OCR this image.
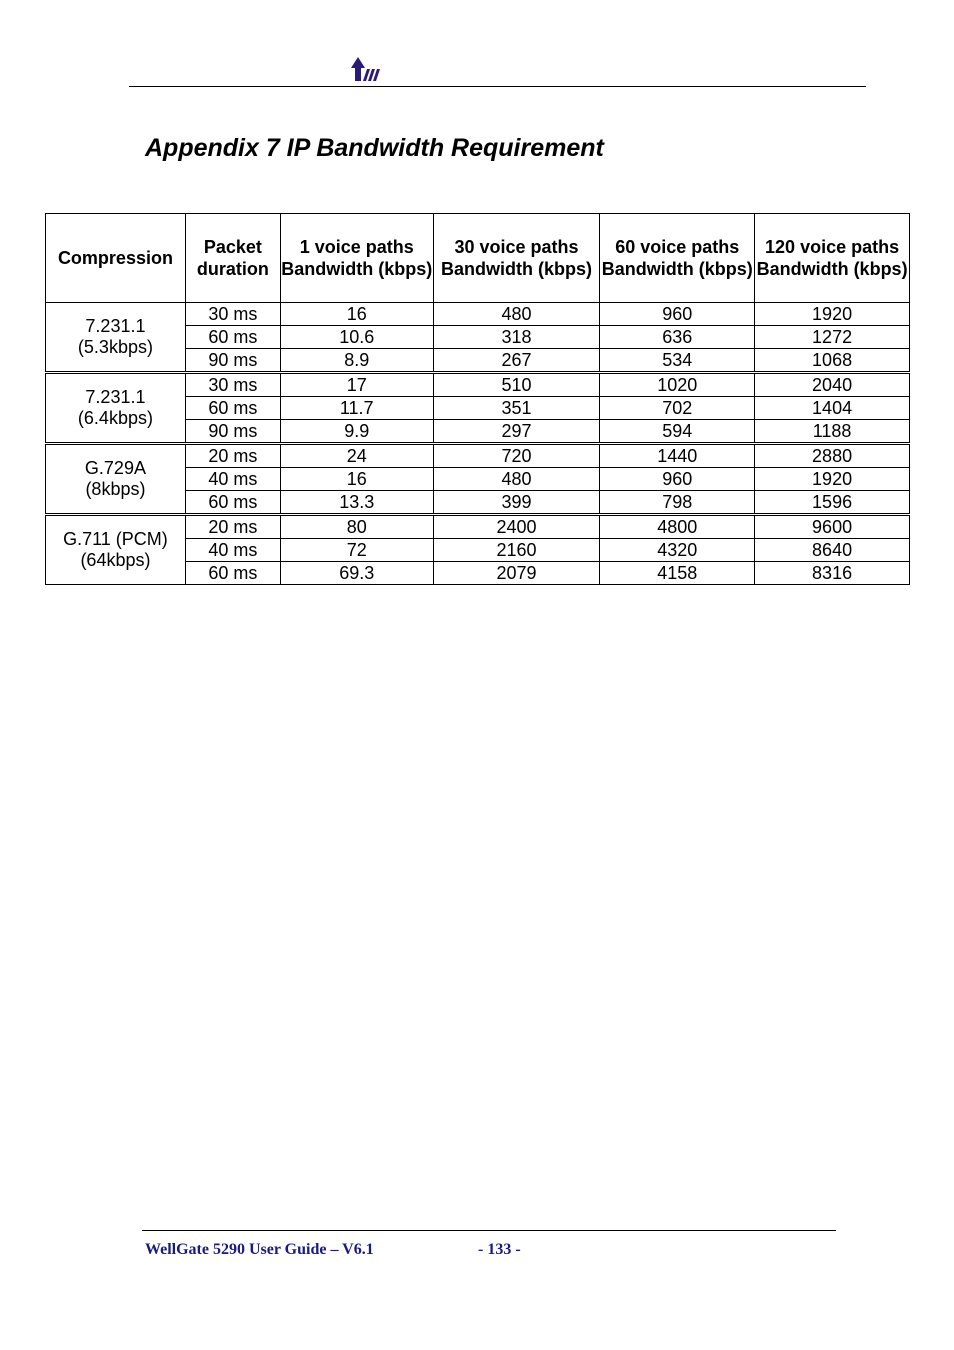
Appendix 7 IP Bandwidth Requirement
Compression	Packet duration	1 voice paths Bandwidth (kbps)	30 voice paths Bandwidth (kbps)	60 voice paths Bandwidth (kbps)	120 voice paths Bandwidth (kbps)

7.231.1
(5.3kbps)	30 ms	16	480	960	1920
	60 ms	10.6	318	636	1272
	90 ms	8.9	267	534	1068

7.231.1
(6.4kbps)	30 ms	17	510	1020	2040
	60 ms	11.7	351	702	1404
	90 ms	9.9	297	594	1188

G.729A
(8kbps)	20 ms	24	720	1440	2880
	40 ms	16	480	960	1920
	60 ms	13.3	399	798	1596

G.711 (PCM)
(64kbps)	20 ms	80	2400	4800	9600
	40 ms	72	2160	4320	8640
	60 ms	69.3	2079	4158	8316
WellGate 5290 User Guide – V6.1	- 133 -
